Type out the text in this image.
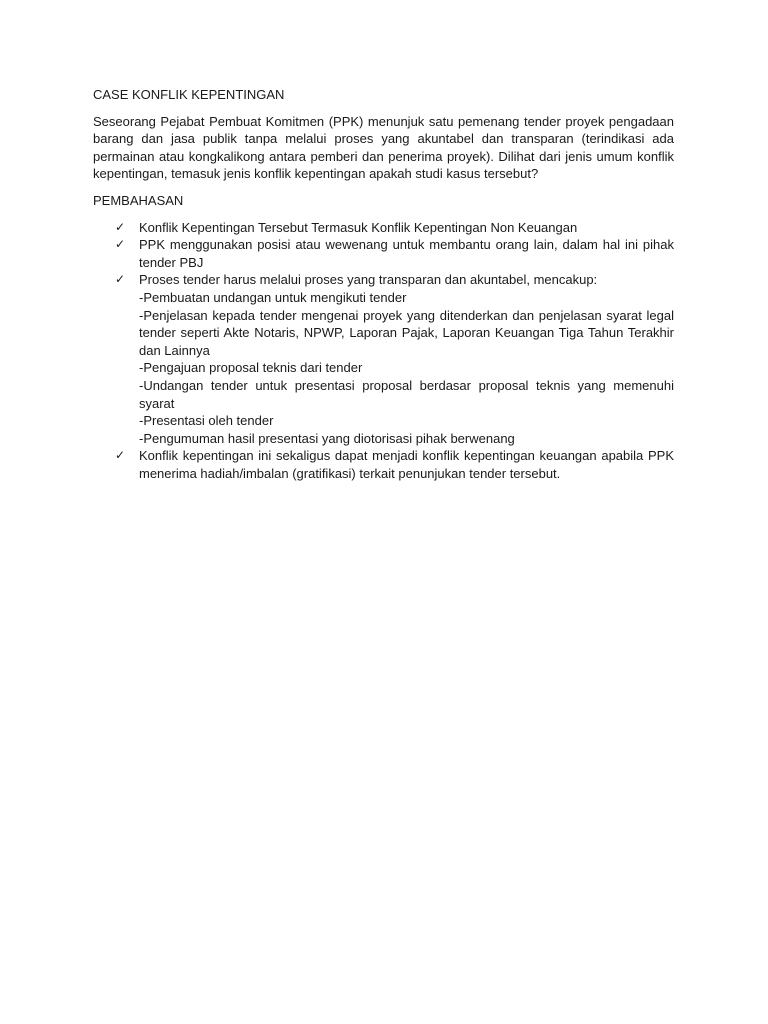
CASE KONFLIK KEPENTINGAN
Seseorang Pejabat Pembuat Komitmen (PPK) menunjuk satu pemenang tender proyek pengadaan barang dan jasa publik tanpa melalui proses yang akuntabel dan transparan (terindikasi ada permainan atau kongkalikong antara pemberi dan penerima proyek). Dilihat dari jenis umum konflik kepentingan, temasuk jenis konflik kepentingan apakah studi kasus tersebut?
PEMBAHASAN
✓ Konflik Kepentingan Tersebut Termasuk Konflik Kepentingan Non Keuangan
✓ PPK menggunakan posisi atau wewenang untuk membantu orang lain, dalam hal ini pihak tender PBJ
✓ Proses tender harus melalui proses yang transparan dan akuntabel, mencakup:
-Pembuatan undangan untuk mengikuti tender
-Penjelasan kepada tender mengenai proyek yang ditenderkan dan penjelasan syarat legal tender seperti Akte Notaris, NPWP, Laporan Pajak, Laporan Keuangan Tiga Tahun Terakhir dan Lainnya
-Pengajuan proposal teknis dari tender
-Undangan tender untuk presentasi proposal berdasar proposal teknis yang memenuhi syarat
-Presentasi oleh tender
-Pengumuman hasil presentasi yang diotorisasi pihak berwenang
✓ Konflik kepentingan ini sekaligus dapat menjadi konflik kepentingan keuangan apabila PPK menerima hadiah/imbalan (gratifikasi) terkait penunjukan tender tersebut.
